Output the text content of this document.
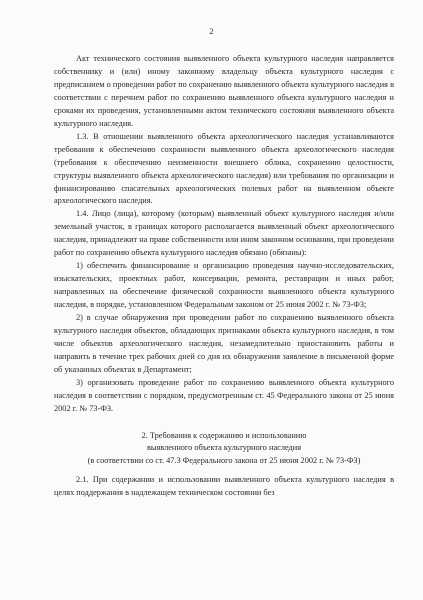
2

Акт технического состояния выявленного объекта культурного наследия направляется собственнику и (или) иному законному владельцу объекта культурного наследия с предписанием о проведении работ по сохранению выявленного объекта культурного наследия в соответствии с перечнем работ по сохранению выявленного объекта культурного наследия и сроками их проведения, установленными актом технического состояния выявленного объекта культурного наследия.

1.3. В отношении выявленного объекта археологического наследия устанавливаются требования к обеспечению сохранности выявленного объекта археологического наследия (требования к обеспечению неизменности внешнего облика, сохранению целостности, структуры выявленного объекта археологического наследия) или требования по организации и финансированию спасательных археологических полевых работ на выявленном объекте археологического наследия.

1.4. Лицо (лица), которому (которым) выявленный объект культурного наследия и/или земельный участок, в границах которого располагается выявленный объект археологического наследия, принадлежит на праве собственности или ином законном основании, при проведении работ по сохранению объекта культурного наследия обязано (обязаны):

1) обеспечить финансирование и организацию проведения научно-исследовательских, изыскательских, проектных работ, консервации, ремонта, реставрации и иных работ, направленных на обеспечение физической сохранности выявленного объекта культурного наследия, в порядке, установленном Федеральным законом от 25 июня 2002 г. № 73-ФЗ;

2) в случае обнаружения при проведении работ по сохранению выявленного объекта культурного наследия объектов, обладающих признаками объекта культурного наследия, в том числе объектов археологического наследия, незамедлительно приостановить работы и направить в течение трех рабочих дней со дня их обнаружения заявление в письменной форме об указанных объектах в Департамент;

3) организовать проведение работ по сохранению выявленного объекта культурного наследия в соответствии с порядком, предусмотренным ст. 45 Федерального закона от 25 июня 2002 г. № 73-ФЗ.

2. Требования к содержанию и использованию
выявленного объекта культурного наследия
(в соответствии со ст. 47.3 Федерального закона от 25 июня 2002 г. № 73-ФЗ)

2.1. При содержании и использовании выявленного объекта культурного наследия в целях поддержания в надлежащем техническом состоянии без
